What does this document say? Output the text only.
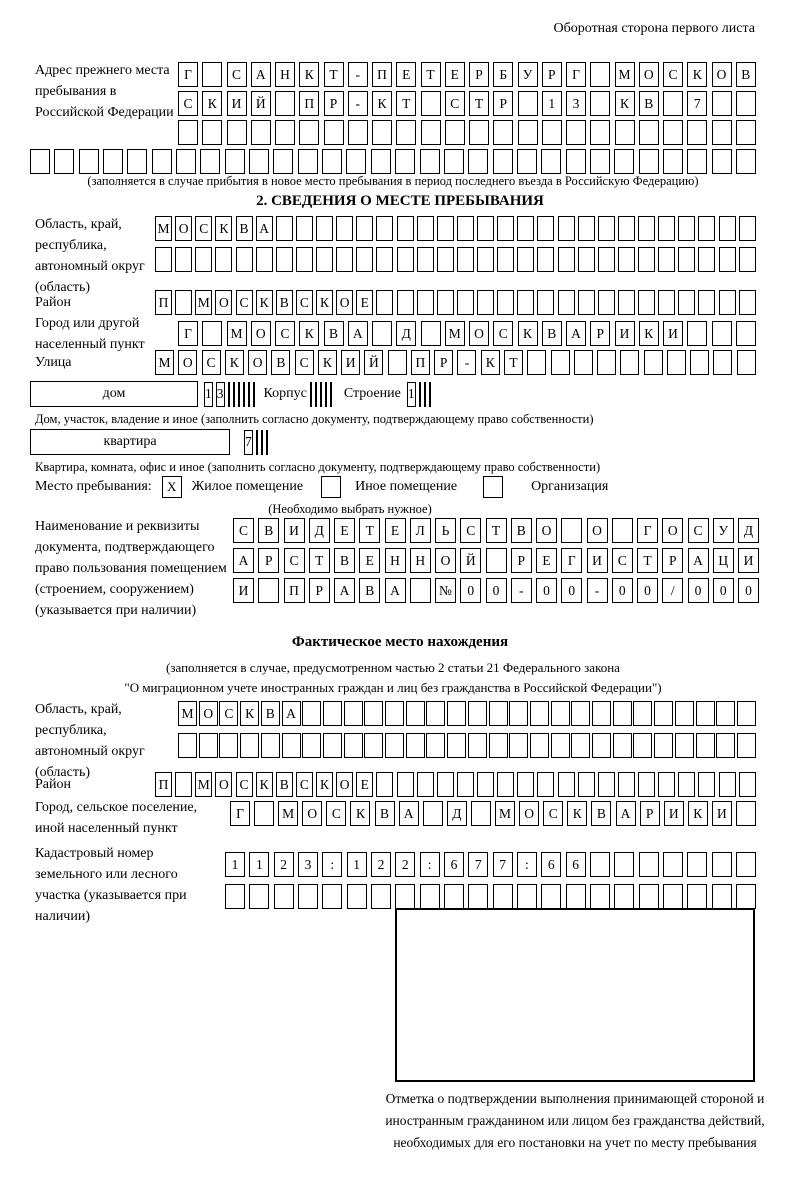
Оборотная сторона первого листа
Адрес прежнего места пребывания в Российской Федерации
Г	С	А	Н	К	Т	-	П	Е	Т	Е	Р	Б	У	Р	Г	М О	С	К	О	В
С	К	И	Й	П	Р	-	К	Т	С	Т	Р	1	3	К	В	7
(заполняется в случае прибытия в новое место пребывания в период последнего въезда в Российскую Федерацию)
2. СВЕДЕНИЯ О МЕСТЕ ПРЕБЫВАНИЯ
Область, край, республика, автономный округ (область)
М О С К В А
Район	П М О С К В С К О Е
Город или другой населенный пункт
Г	М О	С	К	В	А	Д	М О	С	К	В	А	Р	И	К	И
Улица	М О	С	К	О	В	С	К	И	Й	П	Р	-	К	Т
дом	1 3	Корпус	Строение 1
Дом, участок, владение и иное (заполнить согласно документу, подтверждающему право собственности)
квартира	7
Квартира, комната, офис и иное (заполнить согласно документу, подтверждающему право собственности)
Место пребывания:	X	Жилое помещение	Иное помещение	Организация
(Необходимо выбрать нужное)
Наименование и реквизиты документа, подтверждающего право пользования помещением (строением, сооружением) (указывается при наличии)
С	В	И	Д	Е	Т	Е	Л	Ь	С	Т	В	О	О	Г	О	С	У	Д
А	Р	С	Т	В	Е	Н	Н	О	Й	Р	Е	Г	И	С	Т	Р	А	Ц	И
И	П	Р	А	В	А	№	0	0	-	0	0	-	0	0	/	0	0	0
Фактическое место нахождения
(заполняется в случае, предусмотренном частью 2 статьи 21 Федерального закона
"О миграционном учете иностранных граждан и лиц без гражданства в Российской Федерации")
Область, край, республика, автономный округ (область)
М О С К В А
Район	П М О С К В С К О Е
Город, сельское поселение, иной населенный пункт
Г	М О	С	К	В	А	Д	М О	С	К	В	А	Р	И	К	И
Кадастровый номер земельного или лесного участка (указывается при наличии)
1	1	2	3	:	1	2	2	:	6	7	7	:	6	6
Отметка о подтверждении выполнения принимающей стороной и иностранным гражданином или лицом без гражданства действий, необходимых для его постановки на учет по месту пребывания
